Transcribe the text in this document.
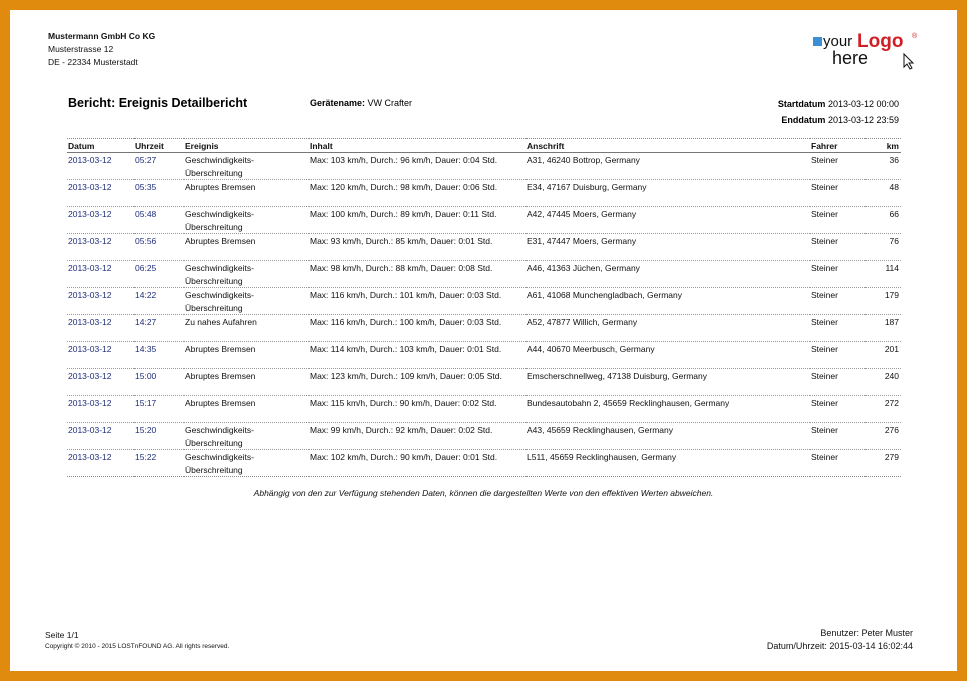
Mustermann GmbH Co KG
Musterstrasse 12
DE - 22334 Musterstadt
your Logo ®
here
Bericht: Ereignis Detailbericht	Gerätename: VW Crafter	Startdatum 2013-03-12 00:00
Enddatum 2013-03-12 23:59
Datum	Uhrzeit	Ereignis	Inhalt	Anschrift	Fahrer	km
2013-03-12	05:27	Geschwindigkeits-Überschreitung	Max: 103 km/h, Durch.: 96 km/h, Dauer: 0:04 Std.	A31, 46240 Bottrop, Germany	Steiner	36
2013-03-12	05:35	Abruptes Bremsen	Max: 120 km/h, Durch.: 98 km/h, Dauer: 0:06 Std.	E34, 47167 Duisburg, Germany	Steiner	48
2013-03-12	05:48	Geschwindigkeits-Überschreitung	Max: 100 km/h, Durch.: 89 km/h, Dauer: 0:11 Std.	A42, 47445 Moers, Germany	Steiner	66
2013-03-12	05:56	Abruptes Bremsen	Max: 93 km/h, Durch.: 85 km/h, Dauer: 0:01 Std.	E31, 47447 Moers, Germany	Steiner	76
2013-03-12	06:25	Geschwindigkeits-Überschreitung	Max: 98 km/h, Durch.: 88 km/h, Dauer: 0:08 Std.	A46, 41363 Jüchen, Germany	Steiner	114
2013-03-12	14:22	Geschwindigkeits-Überschreitung	Max: 116 km/h, Durch.: 101 km/h, Dauer: 0:03 Std.	A61, 41068 Munchengladbach, Germany	Steiner	179
2013-03-12	14:27	Zu nahes Aufahren	Max: 116 km/h, Durch.: 100 km/h, Dauer: 0:03 Std.	A52, 47877 Willich, Germany	Steiner	187
2013-03-12	14:35	Abruptes Bremsen	Max: 114 km/h, Durch.: 103 km/h, Dauer: 0:01 Std.	A44, 40670 Meerbusch, Germany	Steiner	201
2013-03-12	15:00	Abruptes Bremsen	Max: 123 km/h, Durch.: 109 km/h, Dauer: 0:05 Std.	Emscherschnellweg, 47138 Duisburg, Germany	Steiner	240
2013-03-12	15:17	Abruptes Bremsen	Max: 115 km/h, Durch.: 90 km/h, Dauer: 0:02 Std.	Bundesautobahn 2, 45659 Recklinghausen, Germany	Steiner	272
2013-03-12	15:20	Geschwindigkeits-Überschreitung	Max: 99 km/h, Durch.: 92 km/h, Dauer: 0:02 Std.	A43, 45659 Recklinghausen, Germany	Steiner	276
2013-03-12	15:22	Geschwindigkeits-Überschreitung	Max: 102 km/h, Durch.: 90 km/h, Dauer: 0:01 Std.	L511, 45659 Recklinghausen, Germany	Steiner	279
Abhängig von den zur Verfügung stehenden Daten, können die dargestellten Werte von den effektiven Werten abweichen.
Seite 1/1
Copyright © 2010 - 2015 LOSTnFOUND AG. All rights reserved.
Benutzer: Peter Muster
Datum/Uhrzeit: 2015-03-14 16:02:44
